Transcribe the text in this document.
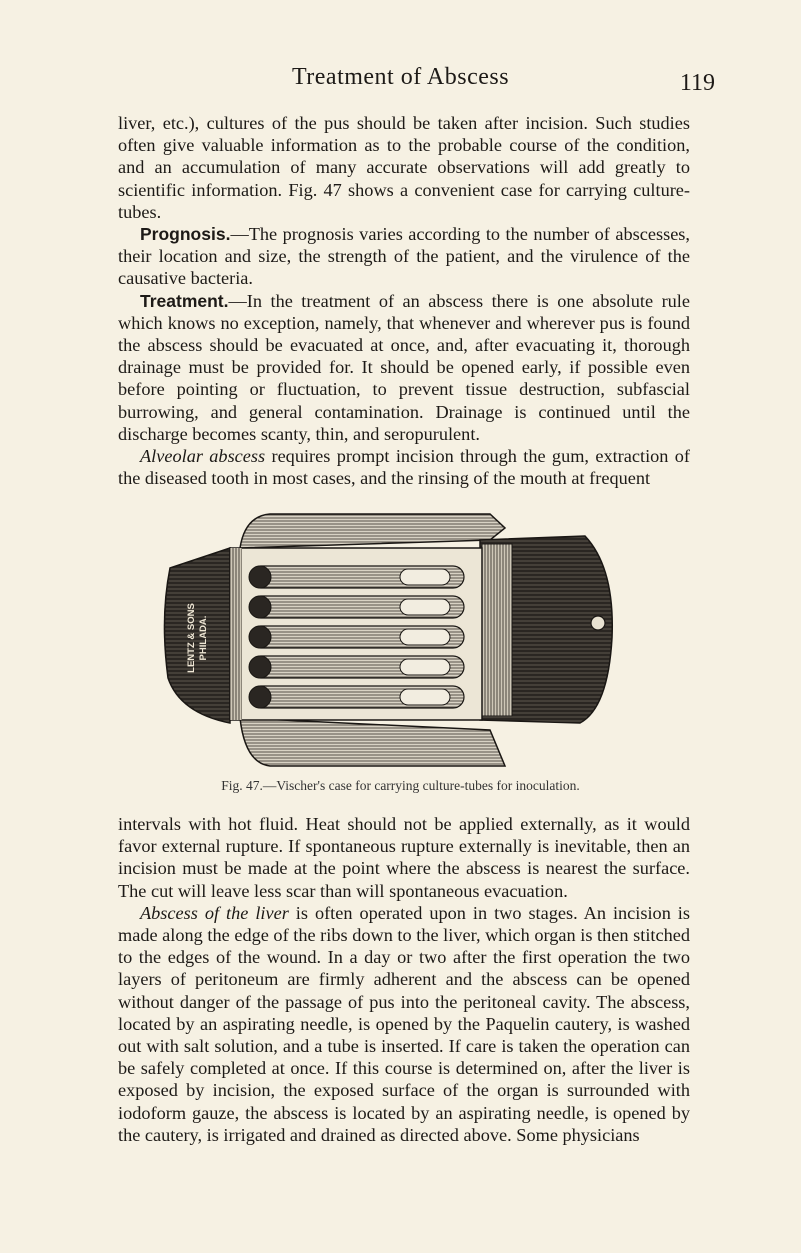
Treatment of Abscess	119

liver, etc.), cultures of the pus should be taken after incision. Such studies often give valuable information as to the probable course of the condition, and an accumulation of many accurate observations will add greatly to scientific information. Fig. 47 shows a convenient case for carrying culture-tubes.

Prognosis.—The prognosis varies according to the number of abscesses, their location and size, the strength of the patient, and the virulence of the causative bacteria.

Treatment.—In the treatment of an abscess there is one absolute rule which knows no exception, namely, that whenever and wherever pus is found the abscess should be evacuated at once, and, after evacuating it, thorough drainage must be provided for. It should be opened early, if possible even before pointing or fluctuation, to prevent tissue destruction, subfascial burrowing, and general contamination. Drainage is continued until the discharge becomes scanty, thin, and seropurulent.

Alveolar abscess requires prompt incision through the gum, extraction of the diseased tooth in most cases, and the rinsing of the mouth at frequent

LENTZ & SONS PHILADA.
Fig. 47.—Vischer's case for carrying culture-tubes for inoculation.

intervals with hot fluid. Heat should not be applied externally, as it would favor external rupture. If spontaneous rupture externally is inevitable, then an incision must be made at the point where the abscess is nearest the surface. The cut will leave less scar than will spontaneous evacuation.

Abscess of the liver is often operated upon in two stages. An incision is made along the edge of the ribs down to the liver, which organ is then stitched to the edges of the wound. In a day or two after the first operation the two layers of peritoneum are firmly adherent and the abscess can be opened without danger of the passage of pus into the peritoneal cavity. The abscess, located by an aspirating needle, is opened by the Paquelin cautery, is washed out with salt solution, and a tube is inserted. If care is taken the operation can be safely completed at once. If this course is determined on, after the liver is exposed by incision, the exposed surface of the organ is surrounded with iodoform gauze, the abscess is located by an aspirating needle, is opened by the cautery, is irrigated and drained as directed above. Some physicians
